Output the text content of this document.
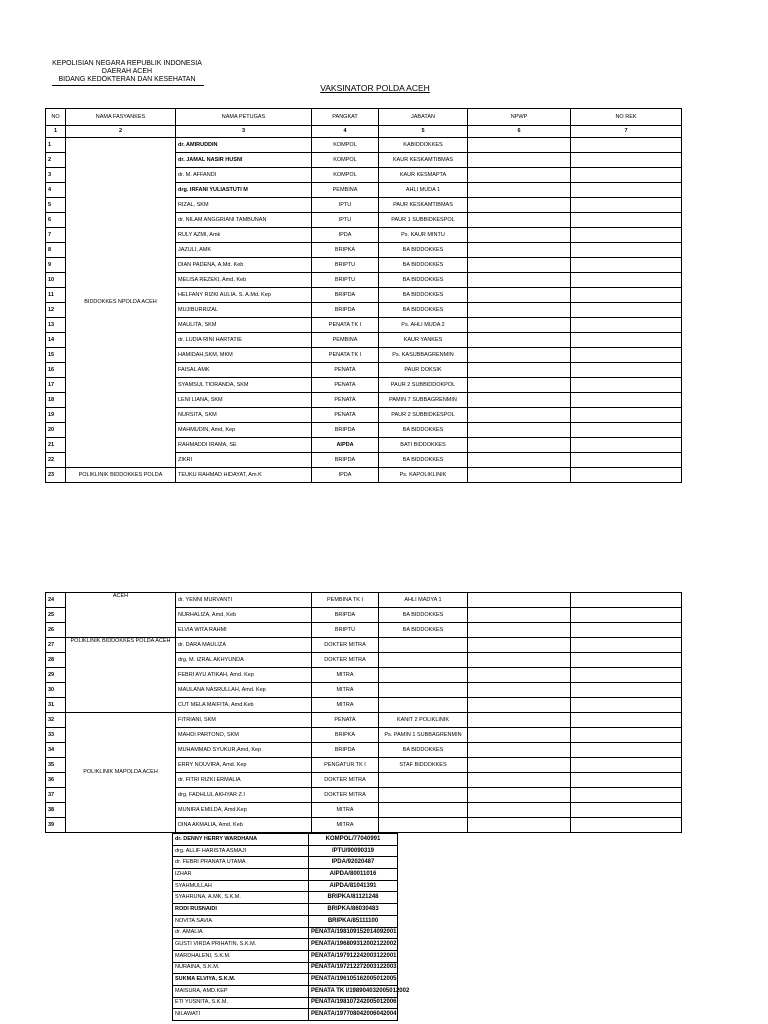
KEPOLISIAN NEGARA REPUBLIK INDONESIA
DAERAH ACEH
BIDANG KEDOKTERAN DAN KESEHATAN
VAKSINATOR POLDA ACEH
NO	NAMA FASYANKES	NAMA PETUGAS	PANGKAT	JABATAN	NPWP	NO REK
1	2	3	4	5	6	7
1	BIDDOKKES NPOLDA ACEH	dr. AMIRUDDIN	KOMPOL	KABIDDOKKES		
2		dr. JAMAL NASIR HUSNI	KOMPOL	KAUR KESKAMTIBMAS		
3		dr. M. AFFANDI	KOMPOL	KAUR KESMAPTA		
4		drg. IRFANI YULIASTUTI M	PEMBINA	AHLI MUDA 1		
5		RIZAL, SKM	IPTU	PAUR KESKAMTIBMAS		
6		dr. NILAM ANGGRIANI TAMBUNAN	IPTU	PAUR 1 SUBBIDKESPOL		
7		RULY AZMI, Amk	IPDA	Ps. KAUR MINTU		
8		JAZULI, AMK	BRIPKA	BA BIDDOKKES		
9		DIAN PADENA, A.Md. Keb	BRIPTU	BA BIDDOKKES		
10		MELISA REZEKI, Amd, Keb	BRIPTU	BA BIDDOKKES		
11		HELFANY RIZKI AULIA. S. A.Md. Kep	BRIPDA	BA BIDDOKKES		
12		MUJIBURRIZAL	BRIPDA	BA BIDDOKKES		
13		MAULITA, SKM	PENATA TK I	Ps. AHLI MUDA 2		
14		dr. LUDIA RINI HARTATIE	PEMBINA	KAUR YANKES		
15		HAMIDAH,SKM, MKM	PENATA TK I	Ps. KASUBBAGRENMIN		
16		FAISAL AMK	PENATA	PAUR DOKSIK		
17		SYAMSUL TIORANDA, SKM	PENATA	PAUR 2 SUBBIDDOKPOL		
18		LENI LIANA, SKM	PENATA	PAMIN 7 SUBBAGRENMIN		
19		NURSITA, SKM	PENATA	PAUR 2 SUBBIDKESPOL		
20		MAHMUDIN, Amd, Kep	BRIPDA	BA BIDDOKKES		
21		RAHMADDI IRAMA, SE	AIPDA	BATI BIDDOKKES		
22		ZIKRI	BRIPDA	BA BIDDOKKES		
23	POLIKLINIK BIDDOKKES POLDA	TEUKU RAHMAD HIDAYAT, Am.K	IPDA	Ps. KAPOLIKLINIK		
24	ACEH	dr. YENNI MURVANTI	PEMBINA TK I	AHLI MADYA 1		
25		NURHALIZA, Amd, Keb	BRIPDA	BA BIDDOKKES		
26		ELVIA WITA RAHMI	BRIPTU	BA BIDDOKKES		
27	POLIKLINIK BIDDOKKES POLDA ACEH	dr. DARA MAULIZA	DOKTER MITRA			
28		drg. M. IZRAL AKHYUNDA	DOKTER MITRA			
29		FEBRI AYU ATIKAH, Amd. Kep	MITRA			
30		MAULANA NASRULLAH, Amd. Kep	MITRA			
31		CUT MELA MAIFITA, Amd.Keb	MITRA			
32	POLIKLINIK MAPOLDA ACEH	FITRIANI, SKM	PENATA	KANIT 2 POLIKLINIK		
33		MAHDI PARTONO, SKM	BRIPKA	Ps. PAMIN 1 SUBBAGRENMIN		
34		MUHAMMAD SYUKUR,Amd, Kep	BRIPDA	BA BIDDOKKES		
35		ERRY NOUVIRA, Amd. Kep	PENGATUR TK I	STAF BIDDOKKES		
36		dr. FITRI RIZKI ERMALIA	DOKTER MITRA			
37		drg. FADHLUL AKHYAR Z.I	DOKTER MITRA			
38		MUNIRA EMILDA, Amd.Kep	MITRA			
39		DINA AKMALIA, Amd. Keb	MITRA			
dr. DENNY HERRY WARDHANA	KOMPOL/77040991	
drg. ALLIF HARISTA ASMAJI	IPTU/90090319	
dr. FEBRI PRANATA UTAMA	IPDA/92020487	
IZHAR	AIPDA/80011016	
SYAHMULLAH	AIPDA/81041391	
SYAHRUNA, A.MK, S.K.M.	BRIPKA/81121248	
RODI RUSNAIDI	BRIPKA/86030483	
NOVITA SAVIA	BRIPKA/85111100	
dr. AMALIA	PENATA/198109152014092001	
GUSTI VIRDA PRIHATIN, S.K.M.	PENATA/196809312002122002	
MARDHALENI, S.K.M.	PENATA/197912242003122001	
NURAINA, S.K.M.	PENATA/197212272003122003	
SUKMA ELVIYA, S.K.M.	PENATA/196105162005012005	
MAISURA, AMD.KEP	PENATA TK I/198904032005012002	
ETI YUSNITA, S.K.M.	PENATA/198107242005012006	
NILAWATI	PENATA/197708042006042004	
